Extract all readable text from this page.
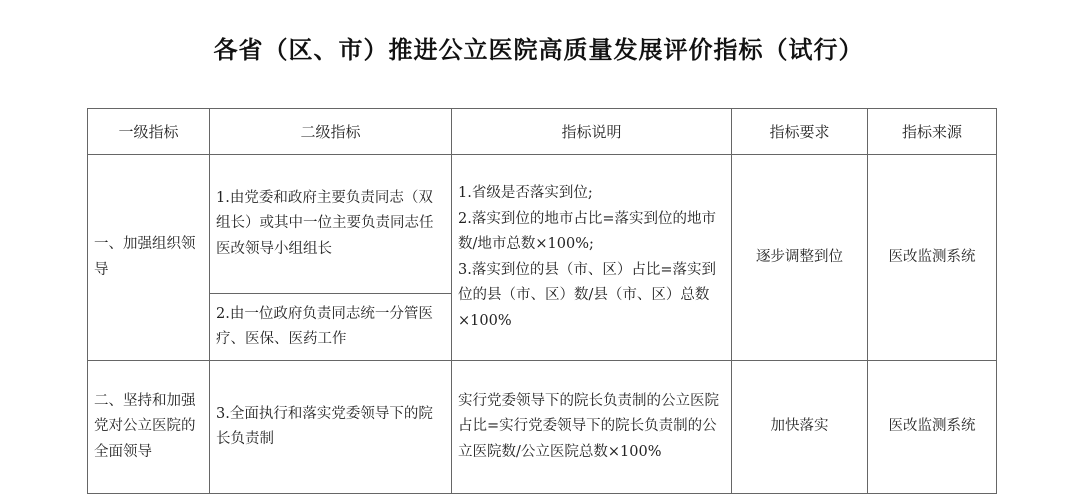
各省（区、市）推进公立医院高质量发展评价指标（试行）
一级指标	二级指标	指标说明	指标要求	指标来源
一、加强组织领导	1.由党委和政府主要负责同志（双组长）或其中一位主要负责同志任医改领导小组组长	1.省级是否落实到位;
2.落实到位的地市占比=落实到位的地市数/地市总数×100%;
3.落实到位的县（市、区）占比=落实到位的县（市、区）数/县（市、区）总数×100%	逐步调整到位	医改监测系统
	2.由一位政府负责同志统一分管医疗、医保、医药工作			
二、坚持和加强党对公立医院的全面领导	3.全面执行和落实党委领导下的院长负责制	实行党委领导下的院长负责制的公立医院占比=实行党委领导下的院长负责制的公立医院数/公立医院总数×100%	加快落实	医改监测系统
